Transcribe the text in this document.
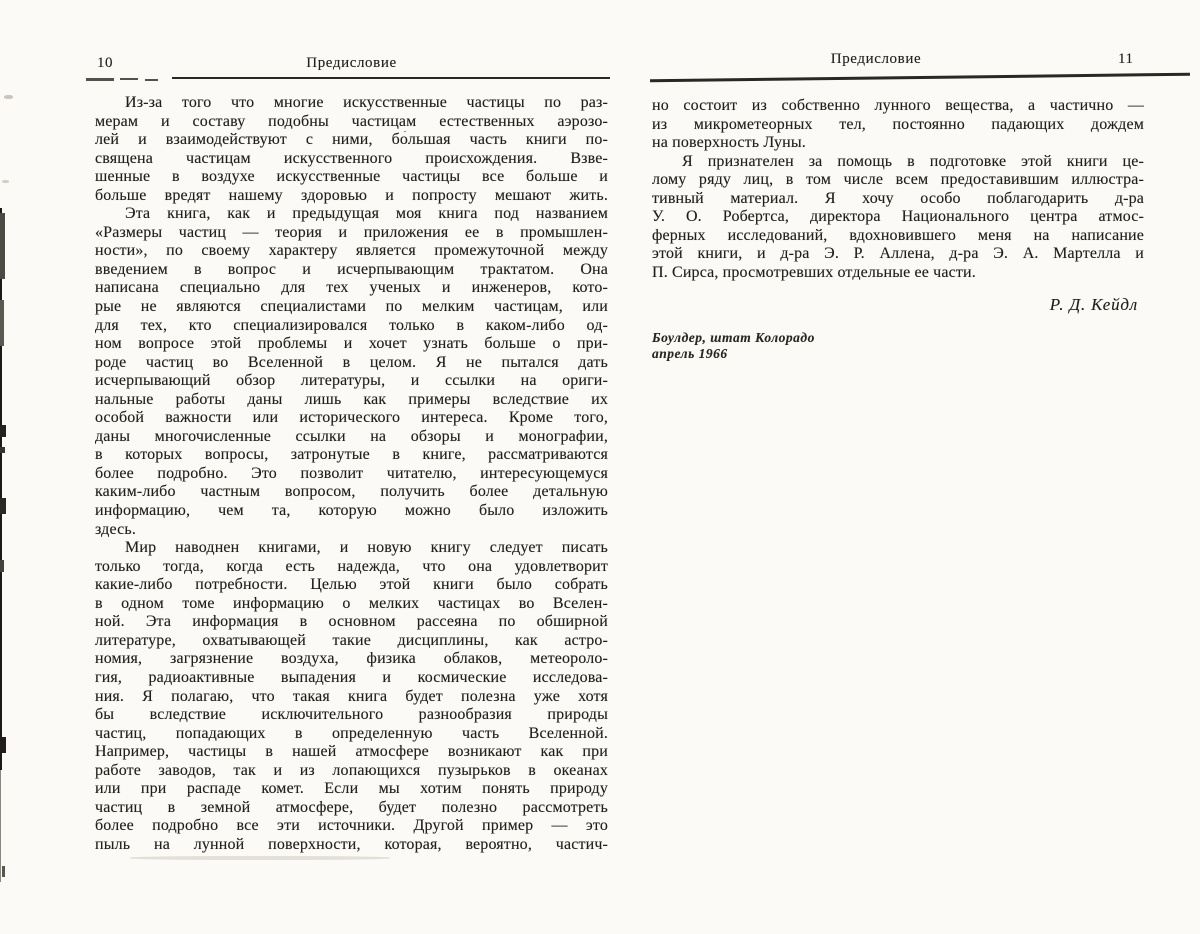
10	Предисловие
Из-за того что многие искусственные частицы по раз-
мерам и составу подобны частицам естественных аэрозо-
лей и взаимодействуют с ними, бо́льшая часть книги по-
священа частицам искусственного происхождения. Взве-
шенные в воздухе искусственные частицы все больше и
больше вредят нашему здоровью и попросту мешают жить.
Эта книга, как и предыдущая моя книга под названием
«Размеры частиц — теория и приложения ее в промышлен-
ности», по своему характеру является промежуточной между
введением в вопрос и исчерпывающим трактатом. Она
написана специально для тех ученых и инженеров, кото-
рые не являются специалистами по мелким частицам, или
для тех, кто специализировался только в каком-либо од-
ном вопросе этой проблемы и хочет узнать больше о при-
роде частиц во Вселенной в целом. Я не пытался дать
исчерпывающий обзор литературы, и ссылки на ориги-
нальные работы даны лишь как примеры вследствие их
особой важности или исторического интереса. Кроме того,
даны многочисленные ссылки на обзоры и монографии,
в которых вопросы, затронутые в книге, рассматриваются
более подробно. Это позволит читателю, интересующемуся
каким-либо частным вопросом, получить более детальную
информацию, чем та, которую можно было изложить
здесь.
Мир наводнен книгами, и новую книгу следует писать
только тогда, когда есть надежда, что она удовлетворит
какие-либо потребности. Целью этой книги было собрать
в одном томе информацию о мелких частицах во Вселен-
ной. Эта информация в основном рассеяна по обширной
литературе, охватывающей такие дисциплины, как астро-
номия, загрязнение воздуха, физика облаков, метеороло-
гия, радиоактивные выпадения и космические исследова-
ния. Я полагаю, что такая книга будет полезна уже хотя
бы вследствие исключительного разнообразия природы
частиц, попадающих в определенную часть Вселенной.
Например, частицы в нашей атмосфере возникают как при
работе заводов, так и из лопающихся пузырьков в океанах
или при распаде комет. Если мы хотим понять природу
частиц в земной атмосфере, будет полезно рассмотреть
более подробно все эти источники. Другой пример — это
пыль на лунной поверхности, которая, вероятно, частич-
Предисловие	11
но состоит из собственно лунного вещества, а частично —
из микрометеорных тел, постоянно падающих дождем
на поверхность Луны.
Я признателен за помощь в подготовке этой книги це-
лому ряду лиц, в том числе всем предоставившим иллюстра-
тивный материал. Я хочу особо поблагодарить д-ра
У. О. Робертса, директора Национального центра атмос-
ферных исследований, вдохновившего меня на написание
этой книги, и д-ра Э. Р. Аллена, д-ра Э. А. Мартелла и
П. Сирса, просмотревших отдельные ее части.
Р. Д. Кейдл
Боулдер, штат Колорадо
апрель 1966
